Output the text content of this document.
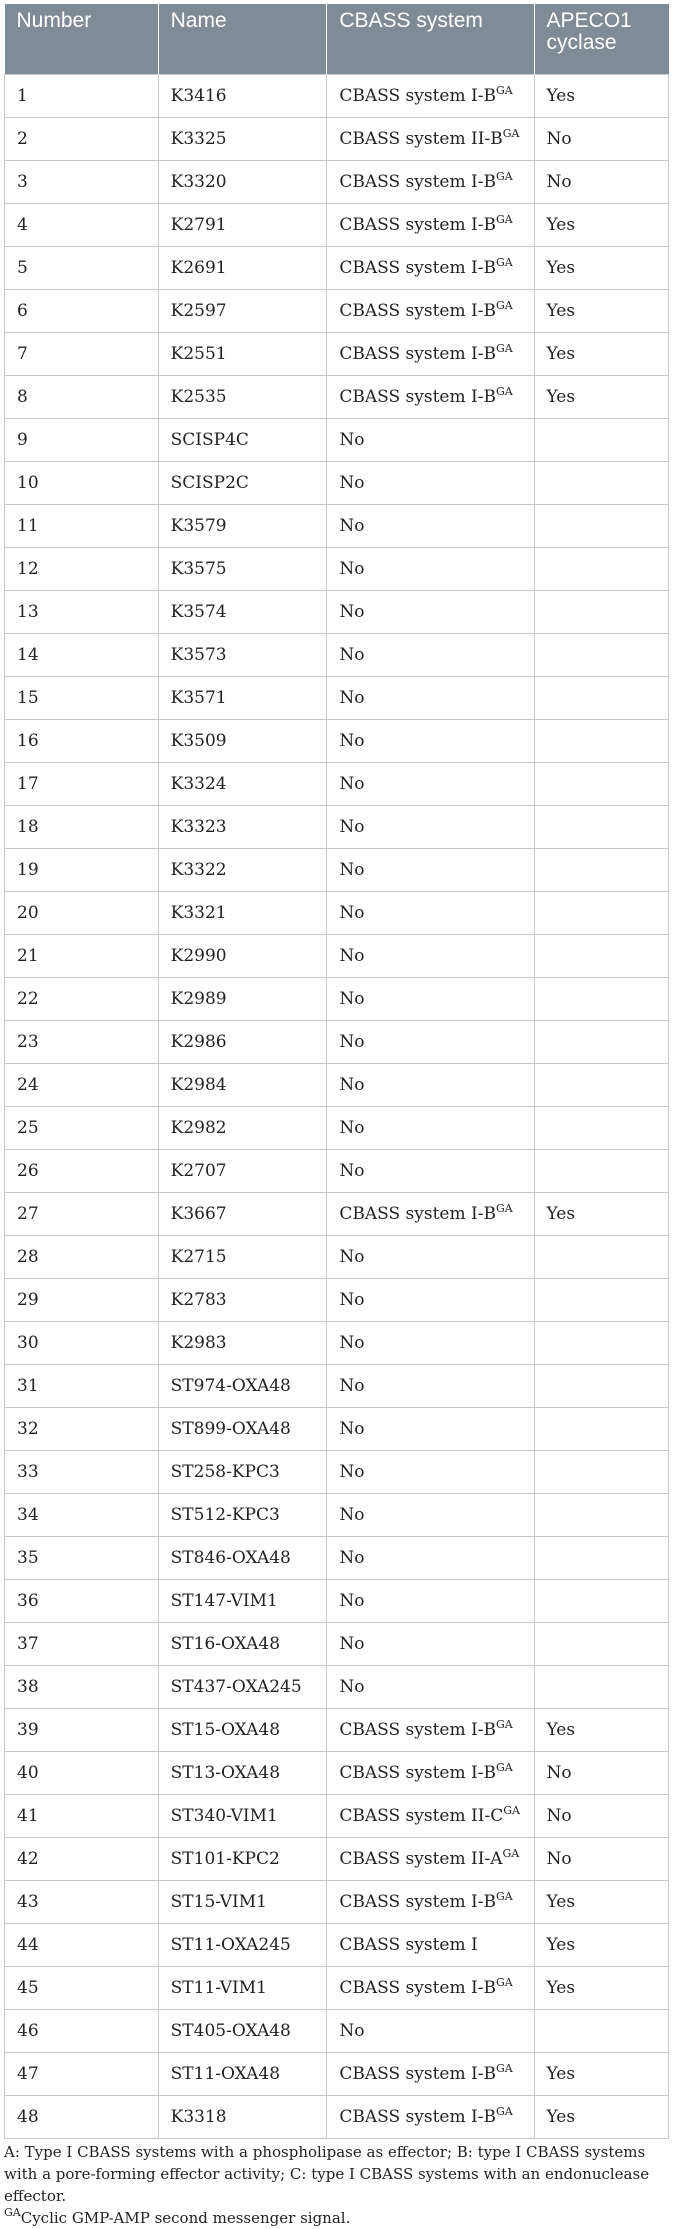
Number	Name	CBASS system	APECO1 cyclase
1	K3416	CBASS system $I-B^{GA}$	Yes
2	K3325	CBASS system $II-B^{GA}$	No
3	K3320	CBASS system $I-B^{GA}$	No
4	K2791	CBASS system $I-B^{GA}$	Yes
5	K2691	CBASS system $I-B^{GA}$	Yes
6	K2597	CBASS system $I-B^{GA}$	Yes
7	K2551	CBASS system $I-B^{GA}$	Yes
8	K2535	CBASS system $I-B^{GA}$	Yes
9	SCISP4C	No	
10	SCISP2C	No	
11	K3579	No	
12	K3575	No	
13	K3574	No	
14	K3573	No	
15	K3571	No	
16	K3509	No	
17	K3324	No	
18	K3323	No	
19	K3322	No	
20	K3321	No	
21	K2990	No	
22	K2989	No	
23	K2986	No	
24	K2984	No	
25	K2982	No	
26	K2707	No	
27	K3667	CBASS system $I-B^{GA}$	Yes
28	K2715	No	
29	K2783	No	
30	K2983	No	
31	ST974-OXA48	No	
32	ST899-OXA48	No	
33	ST258-KPC3	No	
34	ST512-KPC3	No	
35	ST846-OXA48	No	
36	ST147-VIM1	No	
37	ST16-OXA48	No	
38	ST437-OXA245	No	
39	ST15-OXA48	CBASS system $I-B^{GA}$	Yes
40	ST13-OXA48	CBASS system $I-B^{GA}$	No
41	ST340-VIM1	CBASS system $II-C^{GA}$	No
42	ST101-KPC2	CBASS system $II-A^{GA}$	No
43	ST15-VIM1	CBASS system $I-B^{GA}$	Yes
44	ST11-OXA245	CBASS system I	Yes
45	ST11-VIM1	CBASS system $I-B^{GA}$	Yes
46	ST405-OXA48	No	
47	ST11-OXA48	CBASS system $I-B^{GA}$	Yes
48	K3318	CBASS system $I-B^{GA}$	Yes

A: Type I CBASS systems with a phospholipase as effector; B: type I CBASS systems with a pore-forming effector activity; C: type I CBASS systems with an endonuclease effector.

$^{GA}$Cyclic GMP-AMP second messenger signal.
